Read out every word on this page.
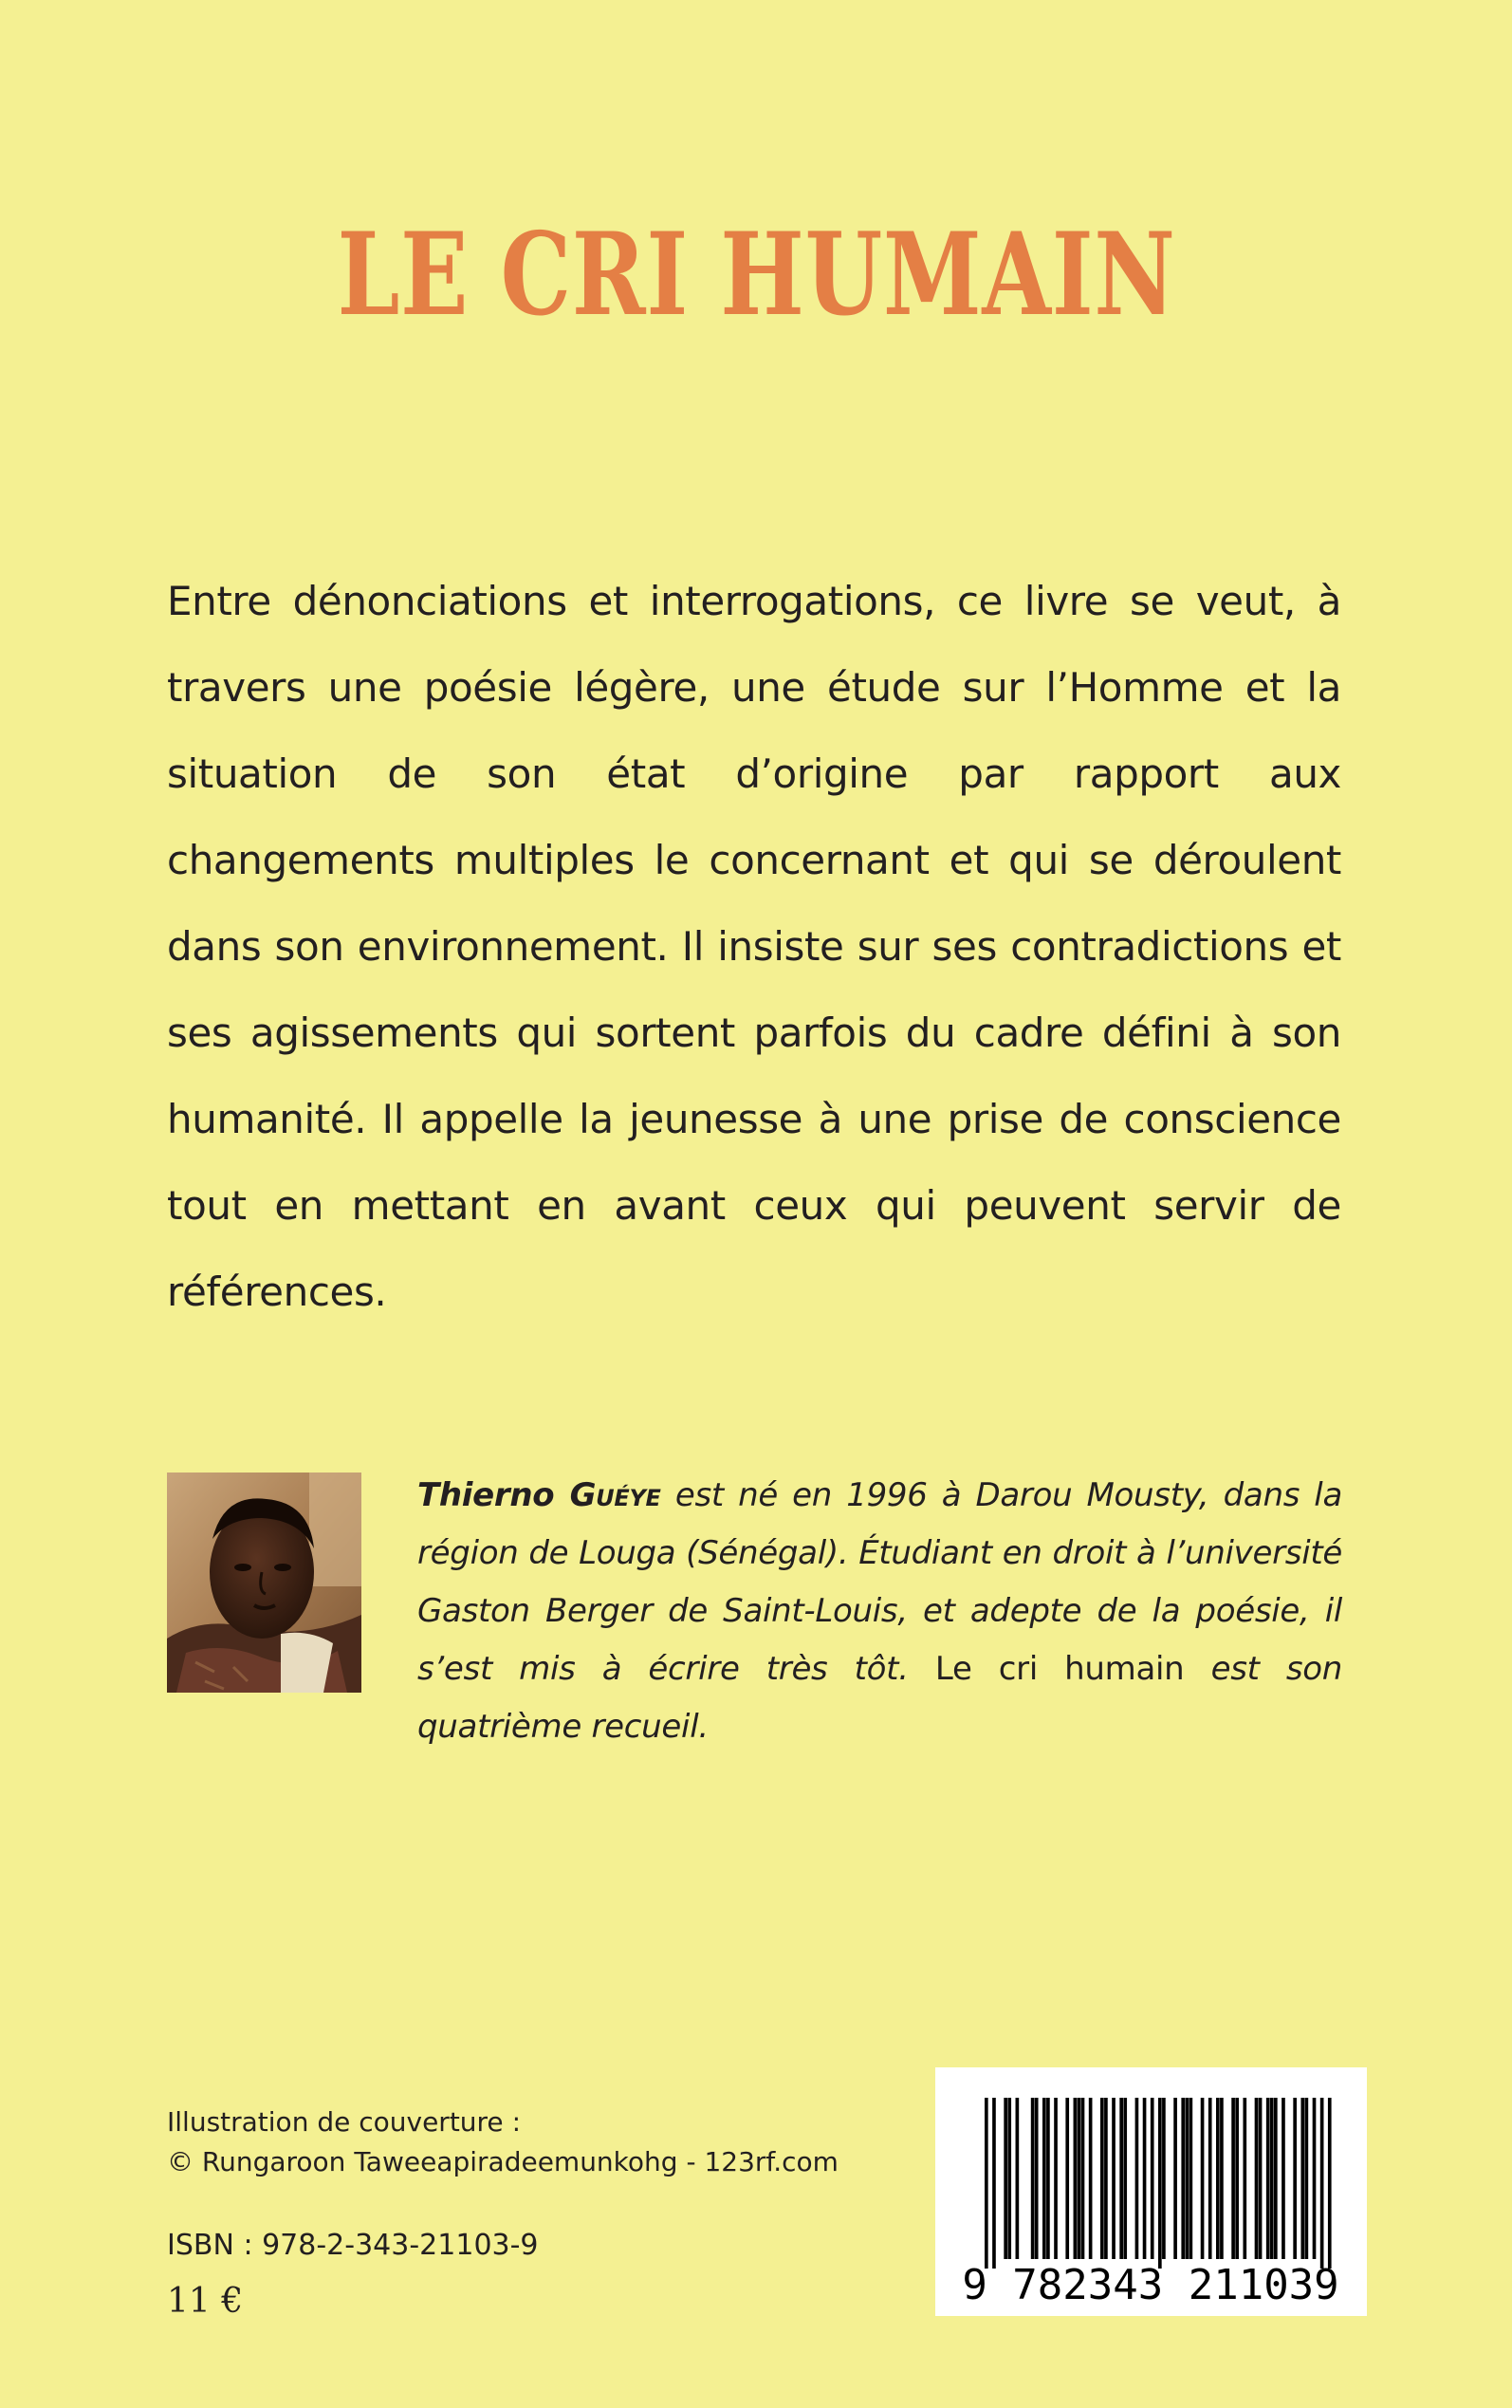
LE CRI HUMAIN

Entre dénonciations et interrogations, ce livre se veut, à travers une poésie légère, une étude sur l’Homme et la situation de son état d’origine par rapport aux changements multiples le concernant et qui se déroulent dans son environnement. Il insiste sur ses contradictions et ses agissements qui sortent parfois du cadre défini à son humanité. Il appelle la jeunesse à une prise de conscience tout en mettant en avant ceux qui peuvent servir de références.

Thierno Guéye est né en 1996 à Darou Mousty, dans la région de Louga (Sénégal). Étudiant en droit à l’université Gaston Berger de Saint-Louis, et adepte de la poésie, il s’est mis à écrire très tôt. Le cri humain est son quatrième recueil.

Illustration de couverture :
© Rungaroon Taweeapiradeemunkohg - 123rf.com
ISBN : 978-2-343-21103-9
11 €	9 782343 211039
